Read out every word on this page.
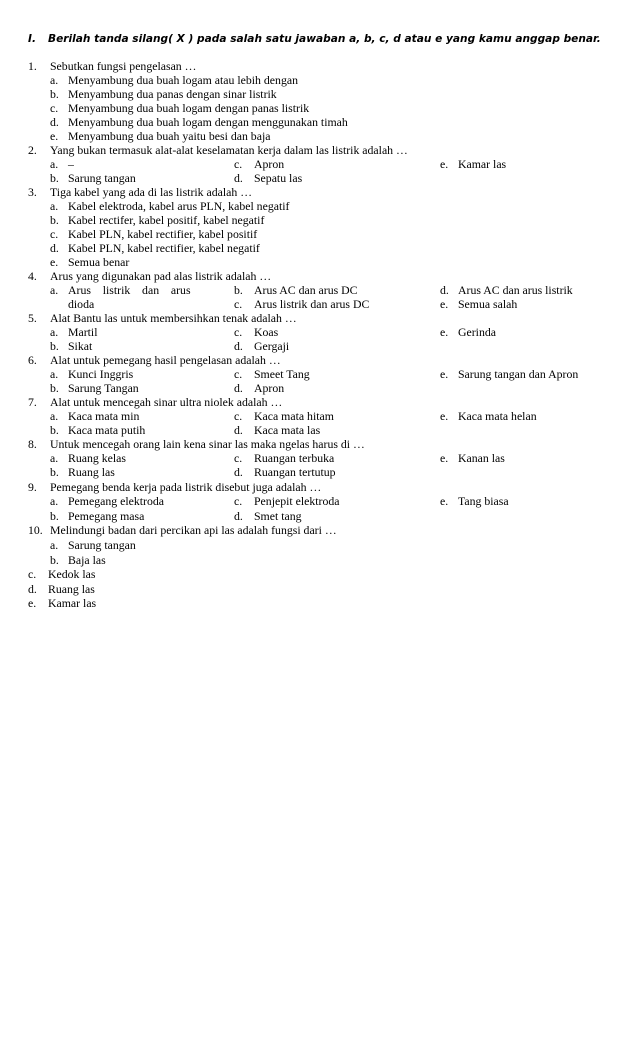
I. Berilah tanda silang( X ) pada salah satu jawaban a, b, c, d atau e yang kamu anggap benar.
1.	Sebutkan fungsi pengelasan …
a. Menyambung dua buah logam atau lebih dengan
b. Menyambung dua panas dengan sinar listrik
c. Menyambung dua buah logam dengan panas listrik
d. Menyambung dua buah logam dengan menggunakan timah
e. Menyambung dua buah yaitu besi dan baja
2.	Yang bukan termasuk alat-alat keselamatan kerja dalam las listrik adalah …
a. –	c.	Apron	e. Kamar las
b. Sarung tangan	d. Sepatu las
3.	Tiga kabel yang ada di las listrik adalah …
a. Kabel elektroda, kabel arus PLN, kabel negatif
b. Kabel rectifer, kabel positif, kabel negatif
c. Kabel PLN, kabel rectifier, kabel positif
d. Kabel PLN, kabel rectifier, kabel negatif
e. Semua benar
4.	Arus yang digunakan pad alas listrik adalah …
a. Arus    listrik    dan    arus	b. Arus AC dan arus DC	d. Arus AC dan arus listrik
dioda	c.	Arus listrik dan arus DC	e. Semua salah
5.	Alat Bantu las untuk membersihkan tenak adalah …
a. Martil	c.	Koas	e. Gerinda
b. Sikat	d. Gergaji
6.	Alat untuk pemegang hasil pengelasan adalah …
a. Kunci Inggris	c.	Smeet Tang	e. Sarung tangan dan Apron
b. Sarung Tangan	d. Apron
7.	Alat untuk mencegah sinar ultra niolek adalah …
a. Kaca mata min	c.	Kaca mata hitam	e. Kaca mata helan
b. Kaca mata putih	d. Kaca mata las
8.	Untuk mencegah orang lain kena sinar las maka ngelas harus di …
a. Ruang kelas	c.	Ruangan terbuka	e. Kanan las
b. Ruang las	d. Ruangan tertutup
9.	Pemegang benda kerja pada listrik disebut juga adalah …
a. Pemegang elektroda	c.	Penjepit elektroda	e. Tang biasa
b. Pemegang masa	d. Smet tang
10. Melindungi badan dari percikan api las adalah fungsi dari …
a. Sarung tangan
b. Baja las
c.	Kedok las
d. Ruang las
e.	Kamar las
